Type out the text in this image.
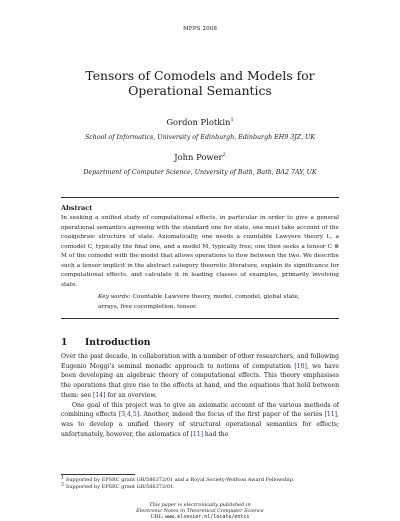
MFPS 2008
Tensors of Comodels and Models for
Operational Semantics
Gordon Plotkin$^1$
School of Informatics, University of Edinburgh, Edinburgh EH9 3JZ, UK
John Power$^2$
Department of Computer Science, University of Bath, Bath, BA2 7AY, UK
Abstract
In seeking a unified study of computational effects, in particular in order to give a general operational semantics agreeing with the standard one for state, one must take account of the coalgebraic structure of state. Axiomatically, one needs a countable Lawvere theory L, a comodel C, typically the final one, and a model M, typically free; one then seeks a tensor C ⊗ M of the comodel with the model that allows operations to flow between the two. We describe such a tensor implicit in the abstract category theoretic literature, explain its significance for computational effects, and calculate it in leading classes of examples, primarily involving state.
Key words: Countable Lawvere theory, model, comodel, global state, arrays, free cocompletion, tensor.
1 Introduction

Over the past decade, in collaboration with a number of other researchers, and following Eugenio Moggi’s seminal monadic approach to notions of computation [10], we have been developing an algebraic theory of computational effects. This theory emphasises the operations that give rise to the effects at hand, and the equations that hold between them: see [14] for an overview.

One goal of this project was to give an axiomatic account of the various methods of combining effects [3,4,5]. Another, indeed the focus of the first paper of the series [11], was to develop a unified theory of structural operational semantics for effects; unfortunately, however, the axiomatics of [11] had the

$^1$ Supported by EPSRC grant GR/586372/01 and a Royal Society-Wolfson Award Fellowship.
$^2$ Supported by EPSRC grant GR/586372/01.
This paper is electronically published in
Electronic Notes in Theoretical Computer Science
URL: www.elsevier.nl/locate/entcs
